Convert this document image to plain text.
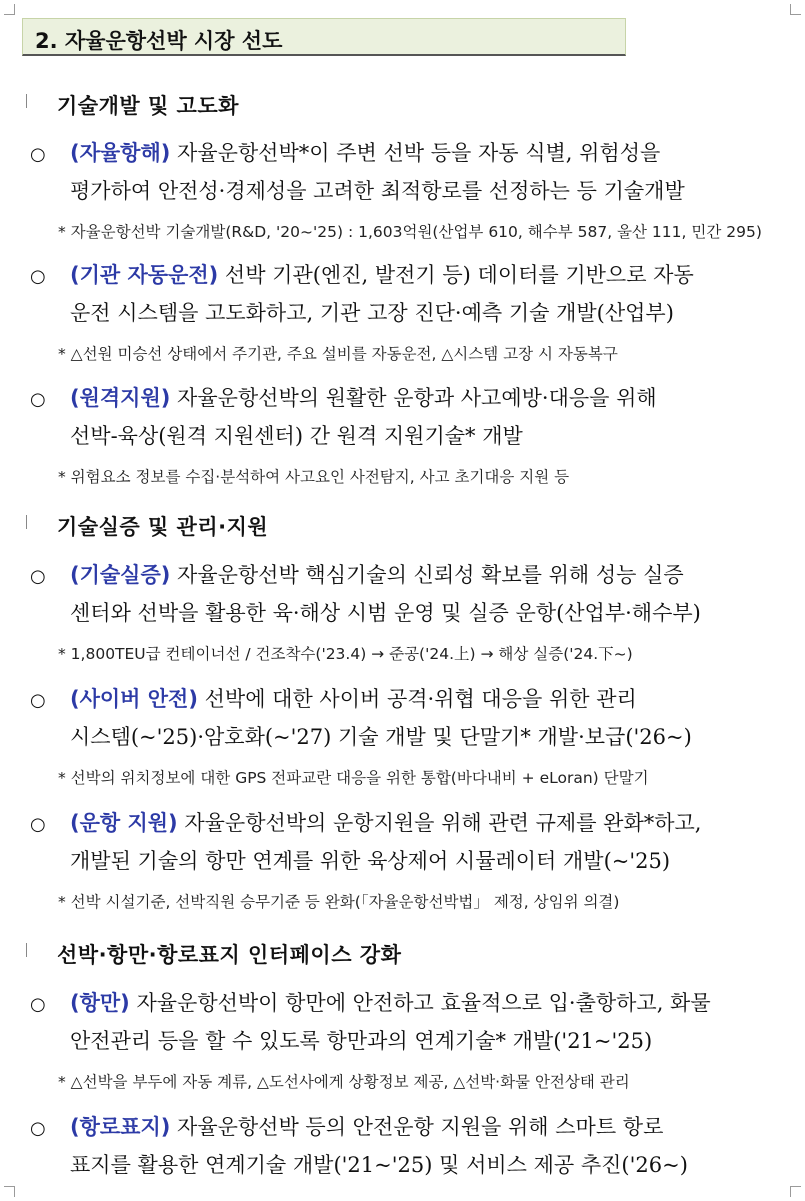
2. 자율운항선박 시장 선도
기술개발 및 고도화
○ (자율항해) 자율운항선박*이 주변 선박 등을 자동 식별, 위험성을
평가하여 안전성·경제성을 고려한 최적항로를 선정하는 등 기술개발
* 자율운항선박 기술개발(R&D, '20~'25) : 1,603억원(산업부 610, 해수부 587, 울산 111, 민간 295)
○ (기관 자동운전) 선박 기관(엔진, 발전기 등) 데이터를 기반으로 자동
운전 시스템을 고도화하고, 기관 고장 진단·예측 기술 개발(산업부)
* △선원 미승선 상태에서 주기관, 주요 설비를 자동운전, △시스템 고장 시 자동복구
○ (원격지원) 자율운항선박의 원활한 운항과 사고예방·대응을 위해
선박-육상(원격 지원센터) 간 원격 지원기술* 개발
* 위험요소 정보를 수집·분석하여 사고요인 사전탐지, 사고 초기대응 지원 등
기술실증 및 관리·지원
○ (기술실증) 자율운항선박 핵심기술의 신뢰성 확보를 위해 성능 실증
센터와 선박을 활용한 육·해상 시범 운영 및 실증 운항(산업부·해수부)
* 1,800TEU급 컨테이너선 / 건조착수('23.4) → 준공('24.上) → 해상 실증('24.下~)
○ (사이버 안전) 선박에 대한 사이버 공격·위협 대응을 위한 관리
시스템(~'25)·암호화(~'27) 기술 개발 및 단말기* 개발·보급('26~)
* 선박의 위치정보에 대한 GPS 전파교란 대응을 위한 통합(바다내비 + eLoran) 단말기
○ (운항 지원) 자율운항선박의 운항지원을 위해 관련 규제를 완화*하고,
개발된 기술의 항만 연계를 위한 육상제어 시뮬레이터 개발(~'25)
* 선박 시설기준, 선박직원 승무기준 등 완화(「자율운항선박법」 제정, 상임위 의결)
선박·항만·항로표지 인터페이스 강화
○ (항만) 자율운항선박이 항만에 안전하고 효율적으로 입·출항하고, 화물
안전관리 등을 할 수 있도록 항만과의 연계기술* 개발('21~'25)
* △선박을 부두에 자동 계류, △도선사에게 상황정보 제공, △선박·화물 안전상태 관리
○ (항로표지) 자율운항선박 등의 안전운항 지원을 위해 스마트 항로
표지를 활용한 연계기술 개발('21~'25) 및 서비스 제공 추진('26~)
